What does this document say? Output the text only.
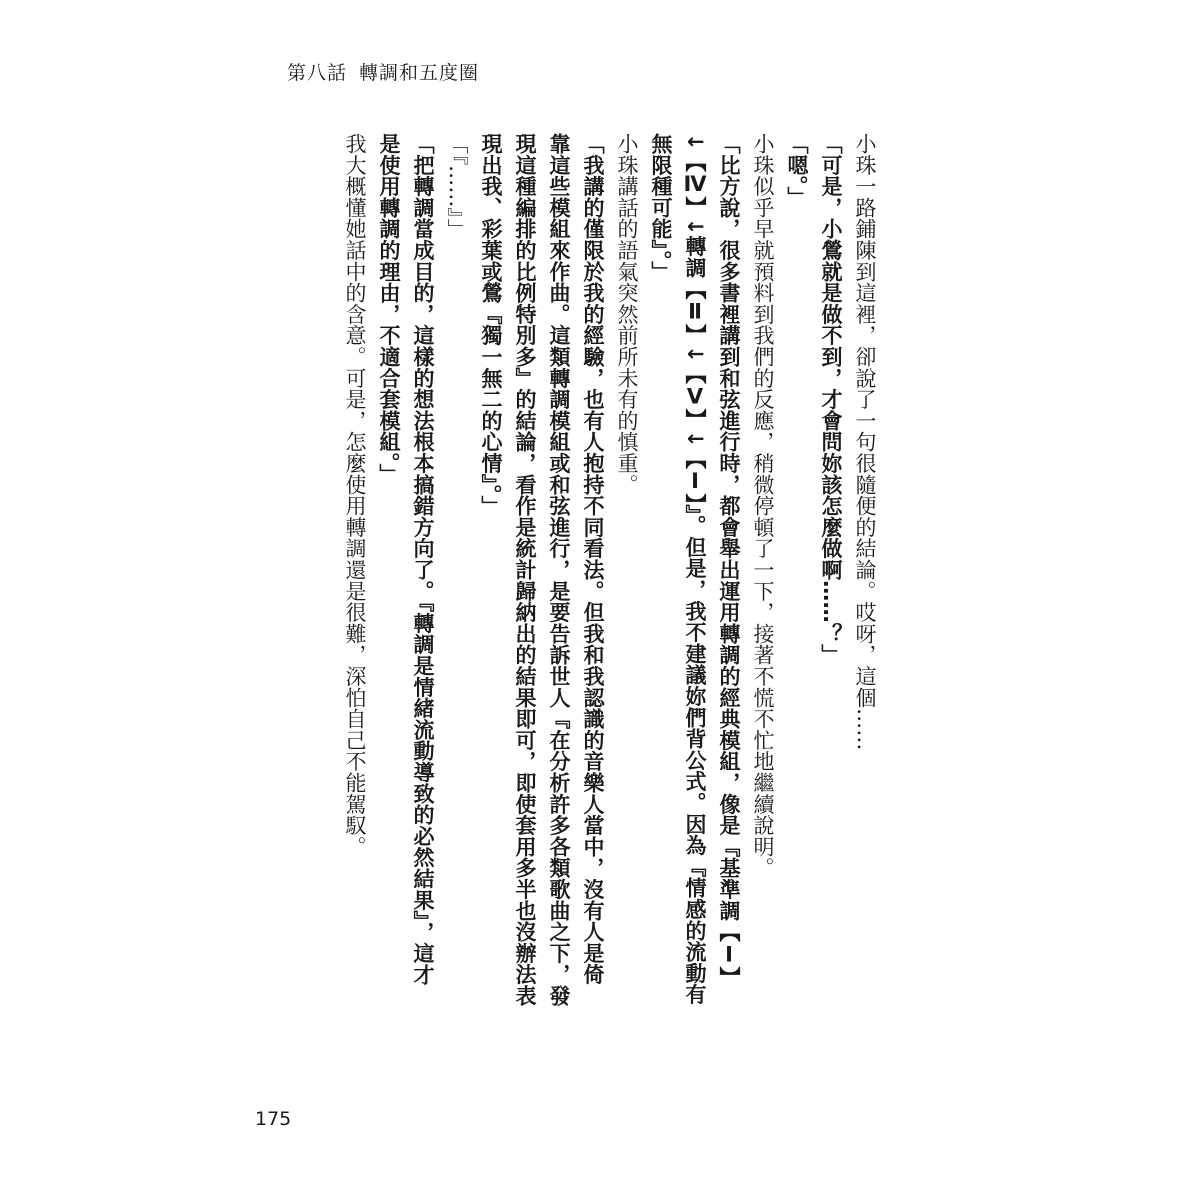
第八話 轉調和五度圈

小珠一路鋪陳到這裡，卻說了一句很隨便的結論。哎呀，這個……

「可是，小鶯就是做不到，才會問妳該怎麼做啊……？」

「嗯。」

小珠似乎早就預料到我們的反應，稍微停頓了一下，接著不慌不忙地繼續說明。

「比方說，很多書裡講到和弦進行時，都會舉出運用轉調的經典模組，像是『基準調【Ⅰ】

↓【Ⅳ】↓轉調【Ⅱ】↓【Ⅴ】↓【Ⅰ】』。但是，我不建議妳們背公式。因為『情感的流動有

無限種可能』。」

小珠講話的語氣突然前所未有的慎重。

「我講的僅限於我的經驗，也有人抱持不同看法。但我和我認識的音樂人當中，沒有人是倚

靠這些模組來作曲。這類轉調模組或和弦進行，是要告訴世人『在分析許多各類歌曲之下，發

現這種編排的比例特別多』的結論，看作是統計歸納出的結果即可，即使套用多半也沒辦法表

現出我、彩葉或鶯『獨一無二的心情』。」

「『……』」

「把轉調當成目的，這樣的想法根本搞錯方向了。『轉調是情緒流動導致的必然結果』，這才

是使用轉調的理由，不適合套模組。」

我大概懂她話中的含意。可是，怎麼使用轉調還是很難，深怕自己不能駕馭。

175
